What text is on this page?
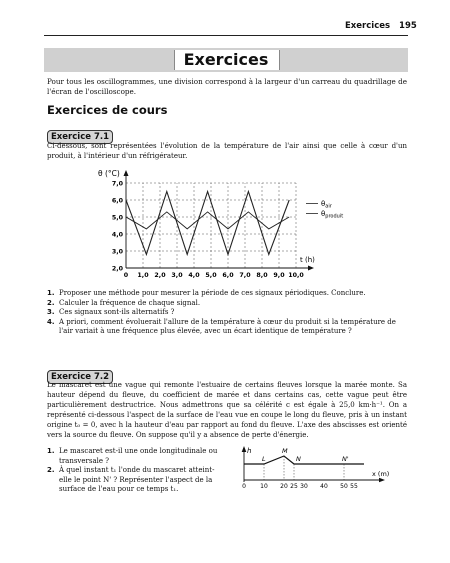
Exercices 195
Exercices
Pour tous les oscillogrammes, une division correspond à la largeur d'un carreau du quadrillage de l'écran de l'oscilloscope.
Exercices de cours
Exercice 7.1
Ci-dessous, sont représentées l'évolution de la température de l'air ainsi que celle à cœur d'un produit, à l'intérieur d'un réfrigérateur.
θ (°C)
t (h)
2,0
3,0
4,0
5,0
6,0
7,0
0 1,0 2,0 3,0 4,0 5,0 6,0 7,0 8,0 9,0 10,0
$\theta_{air}$
$\theta_{produit}$
1. Proposer une méthode pour mesurer la période de ces signaux périodiques. Conclure.
2. Calculer la fréquence de chaque signal.
3. Ces signaux sont-ils alternatifs ?
4. A priori, comment évoluerait l'allure de la température à cœur du produit si la température de l'air variait à une fréquence plus élevée, avec un écart identique de température ?
Exercice 7.2
Le mascaret est une vague qui remonte l'estuaire de certains fleuves lorsque la marée monte. Sa hauteur dépend du fleuve, du coefficient de marée et dans certains cas, cette vague peut être particulièrement destructrice. Nous admettrons que sa célérité c est égale à 25,0 km·h⁻¹. On a représenté ci-dessous l'aspect de la surface de l'eau vue en coupe le long du fleuve, pris à un instant origine t₀ = 0, avec h la hauteur d'eau par rapport au fond du fleuve. L'axe des abscisses est orienté vers la source du fleuve. On suppose qu'il y a absence de perte d'énergie.
1. Le mascaret est-il une onde longitudinale ou transversale ?
2. À quel instant t₁ l'onde du mascaret atteint-elle le point N' ? Représenter l'aspect de la surface de l'eau pour ce temps t₁.
h
x (m)
L
M
N	N'
0 10 20 25 30 40 50 55
